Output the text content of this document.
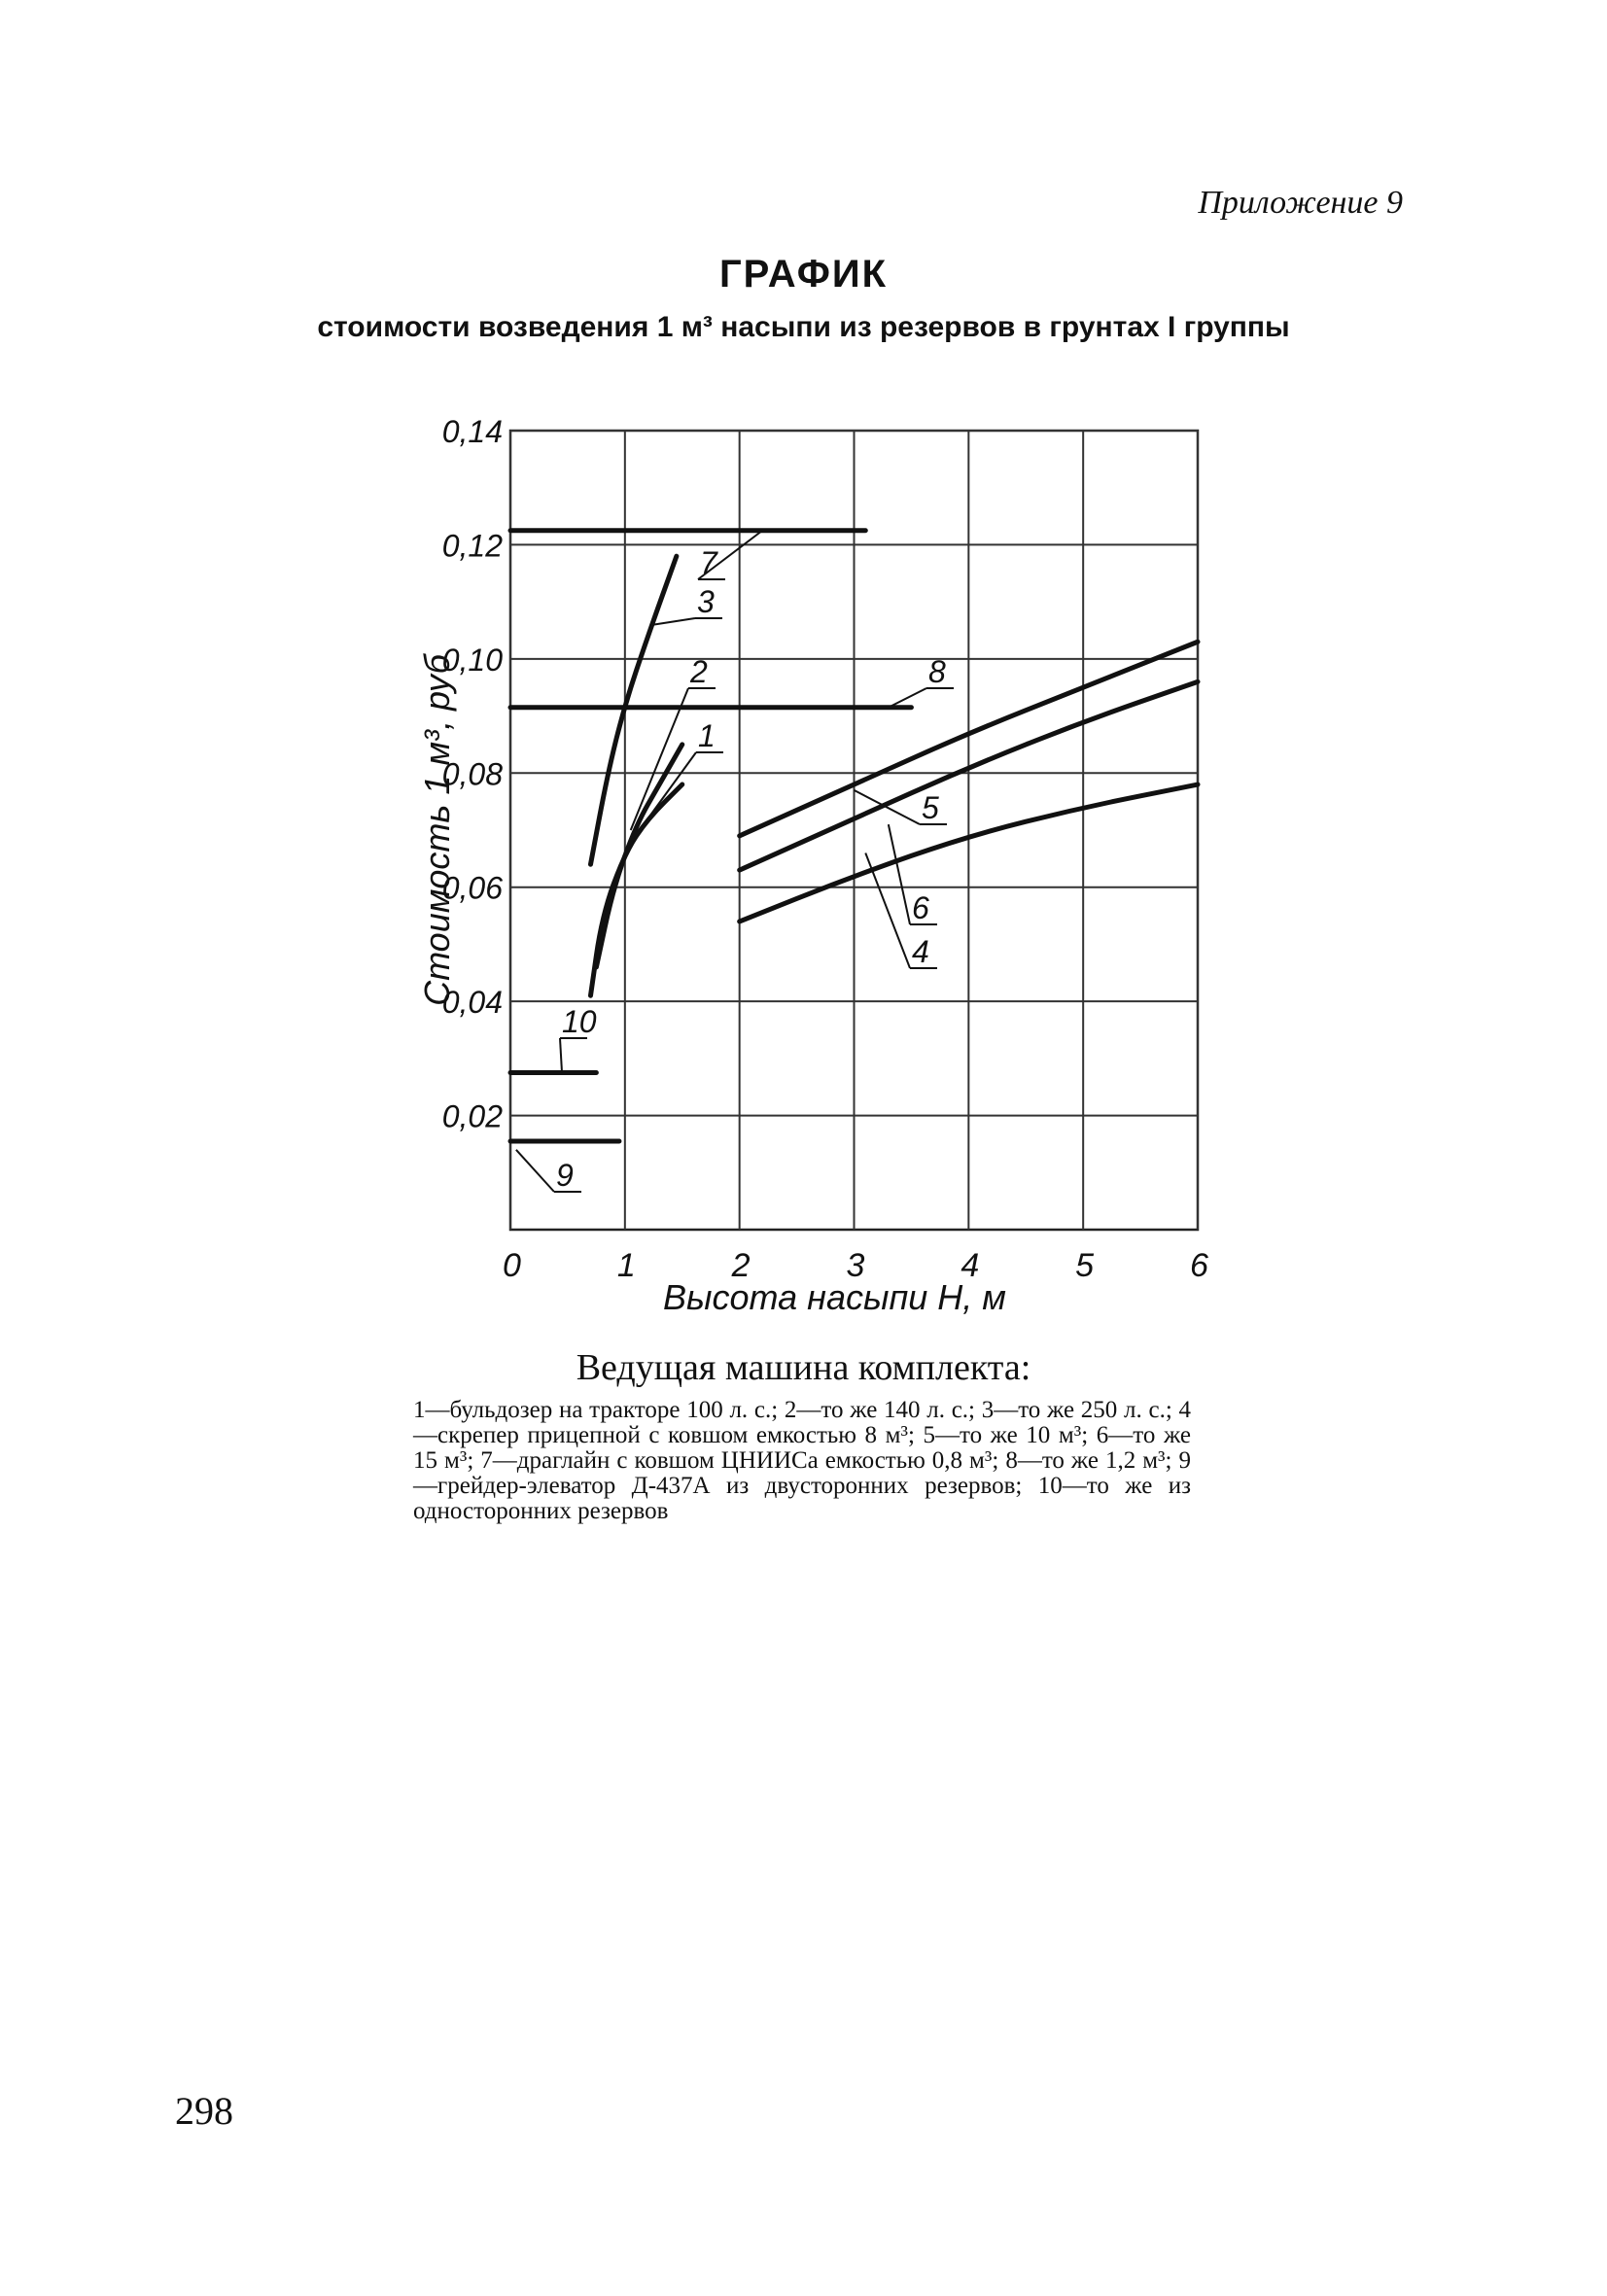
Приложение 9
ГРАФИК
стоимости возведения 1 м³ насыпи из резервов в грунтах I группы
0	1	2	3	4	5	6
0,02
0,04
0,06
0,08
0,10
0,12
0,14
Высота насыпи H, м
Стоимость 1 м³, руб	1
2
3
4
5
6
7
8
9
10
Ведущая машина комплекта:
1—бульдозер на тракторе 100 л. с.; 2—то же 140 л. с.; 3—то же 250 л. с.; 4—скрепер прицепной с ковшом емкостью 8 м³; 5—то же 10 м³; 6—то же 15 м³; 7—драглайн с ковшом ЦНИИСа емкостью 0,8 м³; 8—то же 1,2 м³; 9—грейдер-элеватор Д-437А из двусторонних резервов; 10—то же из односторонних резервов
298
